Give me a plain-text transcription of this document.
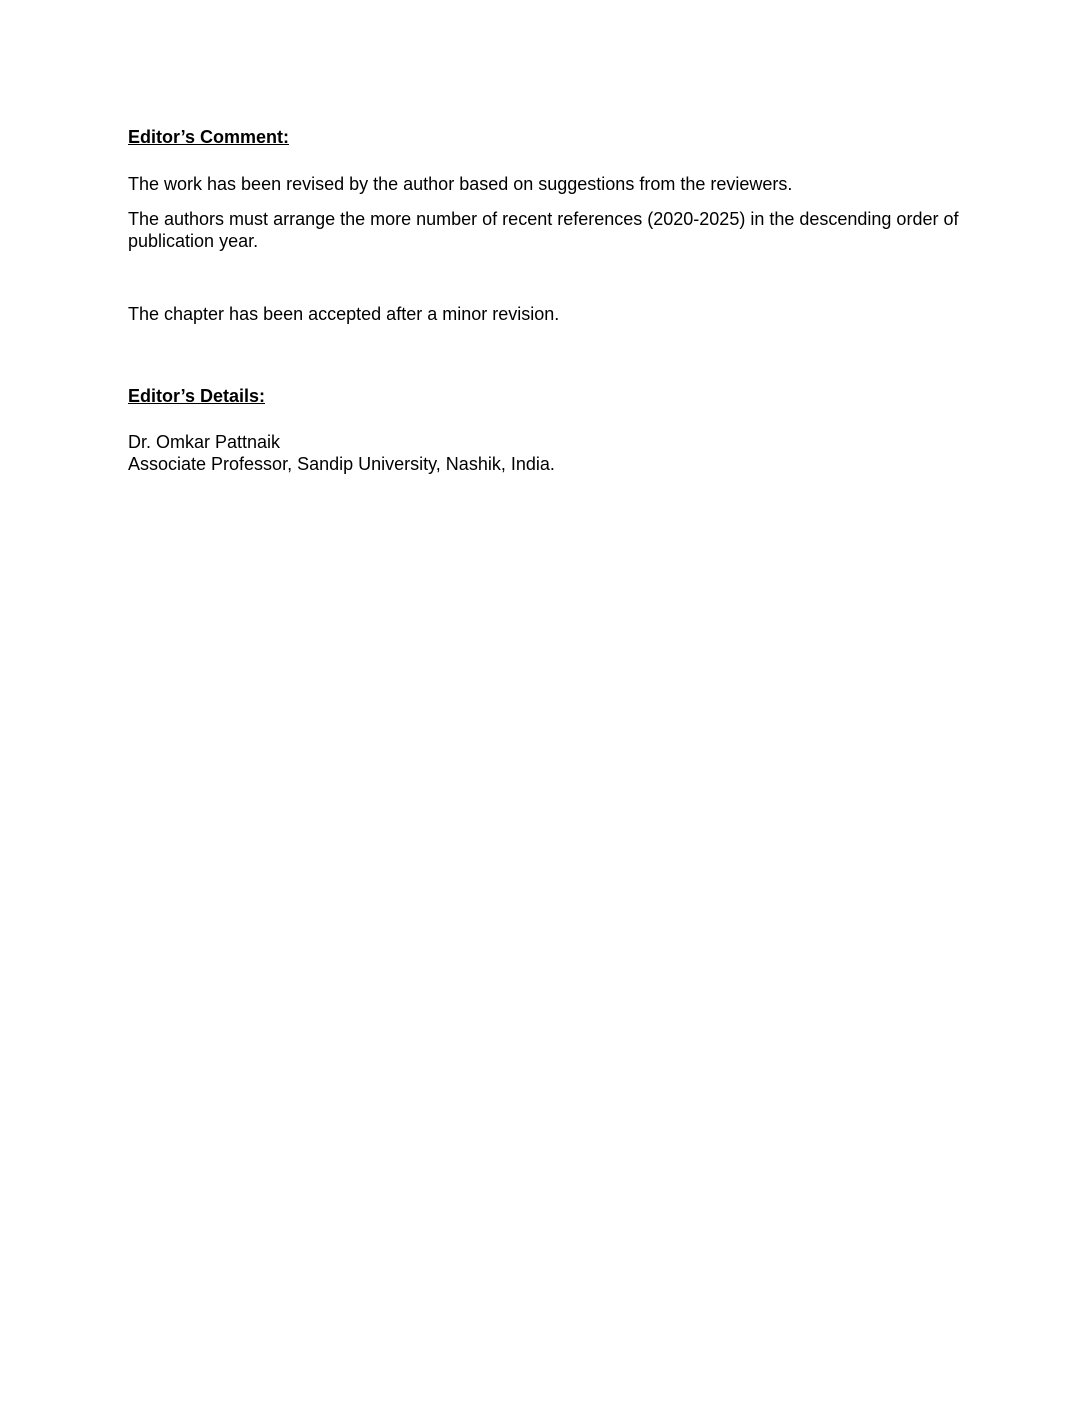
Editor’s Comment:

The work has been revised by the author based on suggestions from the reviewers.

The authors must arrange the more number of recent references (2020-2025) in the descending order of publication year.

The chapter has been accepted after a minor revision.

Editor’s Details:

Dr. Omkar Pattnaik

Associate Professor, Sandip University, Nashik, India.
